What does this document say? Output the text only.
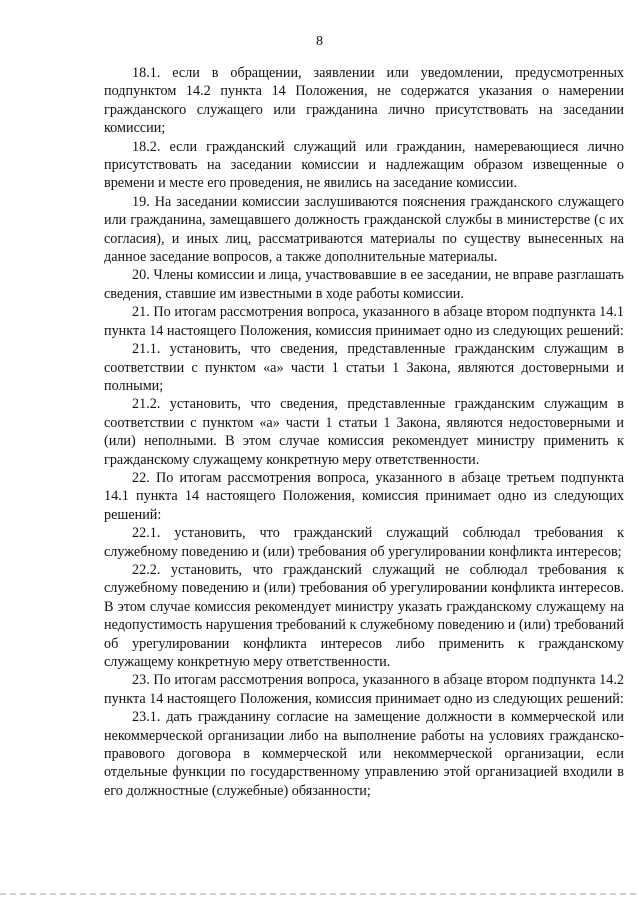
8

18.1. если в обращении, заявлении или уведомлении, предусмотренных подпунктом 14.2 пункта 14 Положения, не содержатся указания о намерении гражданского служащего или гражданина лично присутствовать на заседании комиссии;

18.2. если гражданский служащий или гражданин, намеревающиеся лично присутствовать на заседании комиссии и надлежащим образом извещенные о времени и месте его проведения, не явились на заседание комиссии.

19. На заседании комиссии заслушиваются пояснения гражданского служащего или гражданина, замещавшего должность гражданской службы в министерстве (с их согласия), и иных лиц, рассматриваются материалы по существу вынесенных на данное заседание вопросов, а также дополнительные материалы.

20. Члены комиссии и лица, участвовавшие в ее заседании, не вправе разглашать сведения, ставшие им известными в ходе работы комиссии.

21. По итогам рассмотрения вопроса, указанного в абзаце втором подпункта 14.1 пункта 14 настоящего Положения, комиссия принимает одно из следующих решений:

21.1. установить, что сведения, представленные гражданским служащим в соответствии с пунктом «а» части 1 статьи 1 Закона, являются достоверными и полными;

21.2. установить, что сведения, представленные гражданским служащим в соответствии с пунктом «а» части 1 статьи 1 Закона, являются недостоверными и (или) неполными. В этом случае комиссия рекомендует министру применить к гражданскому служащему конкретную меру ответственности.

22. По итогам рассмотрения вопроса, указанного в абзаце третьем подпункта 14.1 пункта 14 настоящего Положения, комиссия принимает одно из следующих решений:

22.1. установить, что гражданский служащий соблюдал требования к служебному поведению и (или) требования об урегулировании конфликта интересов;

22.2. установить, что гражданский служащий не соблюдал требования к служебному поведению и (или) требования об урегулировании конфликта интересов. В этом случае комиссия рекомендует министру указать гражданскому служащему на недопустимость нарушения требований к служебному поведению и (или) требований об урегулировании конфликта интересов либо применить к гражданскому служащему конкретную меру ответственности.

23. По итогам рассмотрения вопроса, указанного в абзаце втором подпункта 14.2 пункта 14 настоящего Положения, комиссия принимает одно из следующих решений:

23.1. дать гражданину согласие на замещение должности в коммерческой или некоммерческой организации либо на выполнение работы на условиях гражданско-правового договора в коммерческой или некоммерческой организации, если отдельные функции по государственному управлению этой организацией входили в его должностные (служебные) обязанности;
